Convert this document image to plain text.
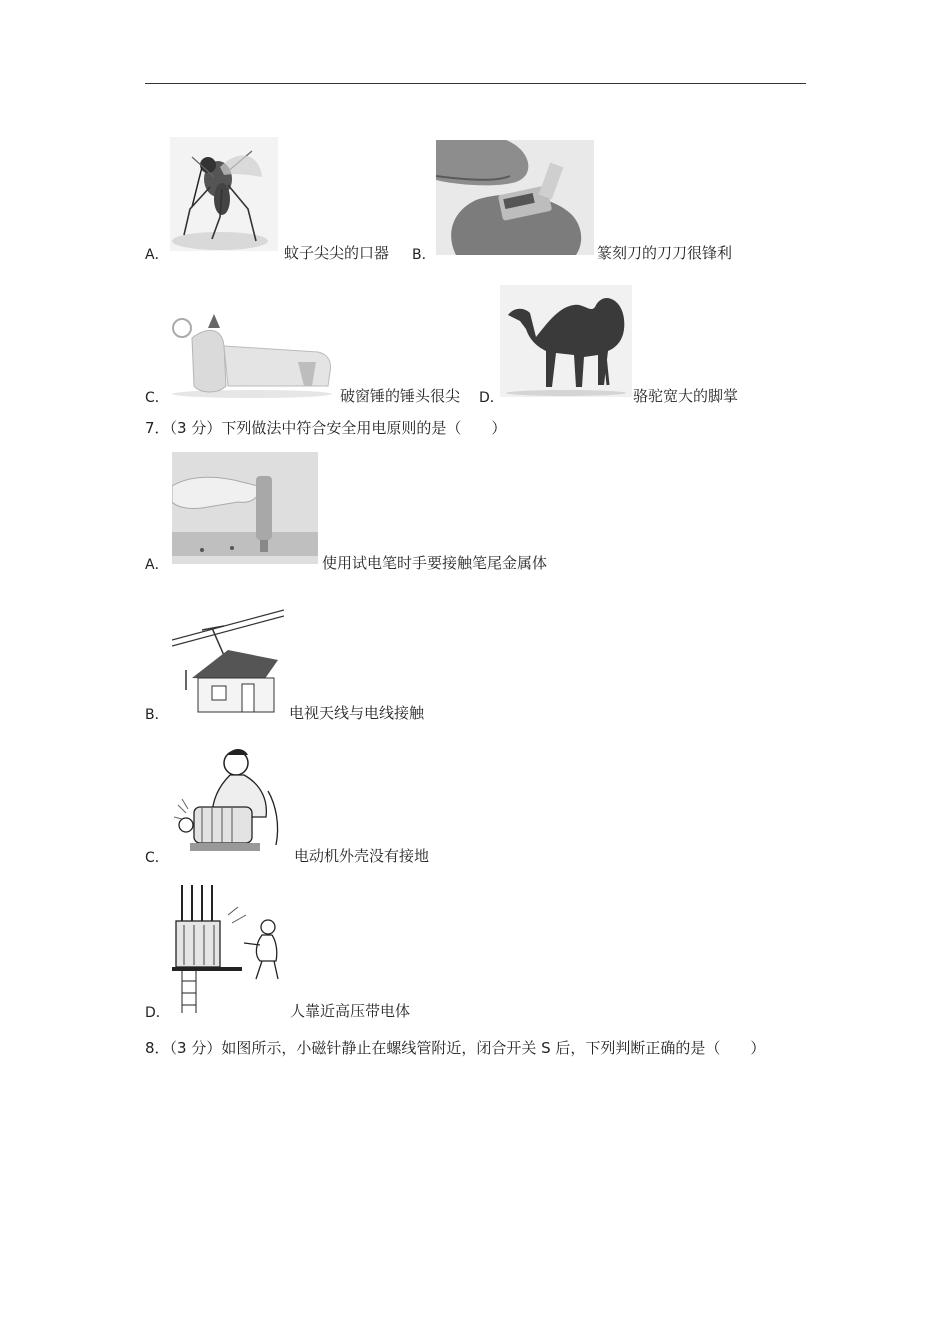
A．	蚊子尖尖的口器 B．	篆刻刀的刀刀很锋利
C．	破窗锤的锤头很尖 D．	骆驼宽大的脚掌
7．（3 分）下列做法中符合安全用电原则的是（　　）
A．	使用试电笔时手要接触笔尾金属体
B．	电视天线与电线接触
C．	电动机外壳没有接地
D．	人靠近高压带电体
8．（3 分）如图所示，小磁针静止在螺线管附近，闭合开关 S 后，下列判断正确的是（　　）
